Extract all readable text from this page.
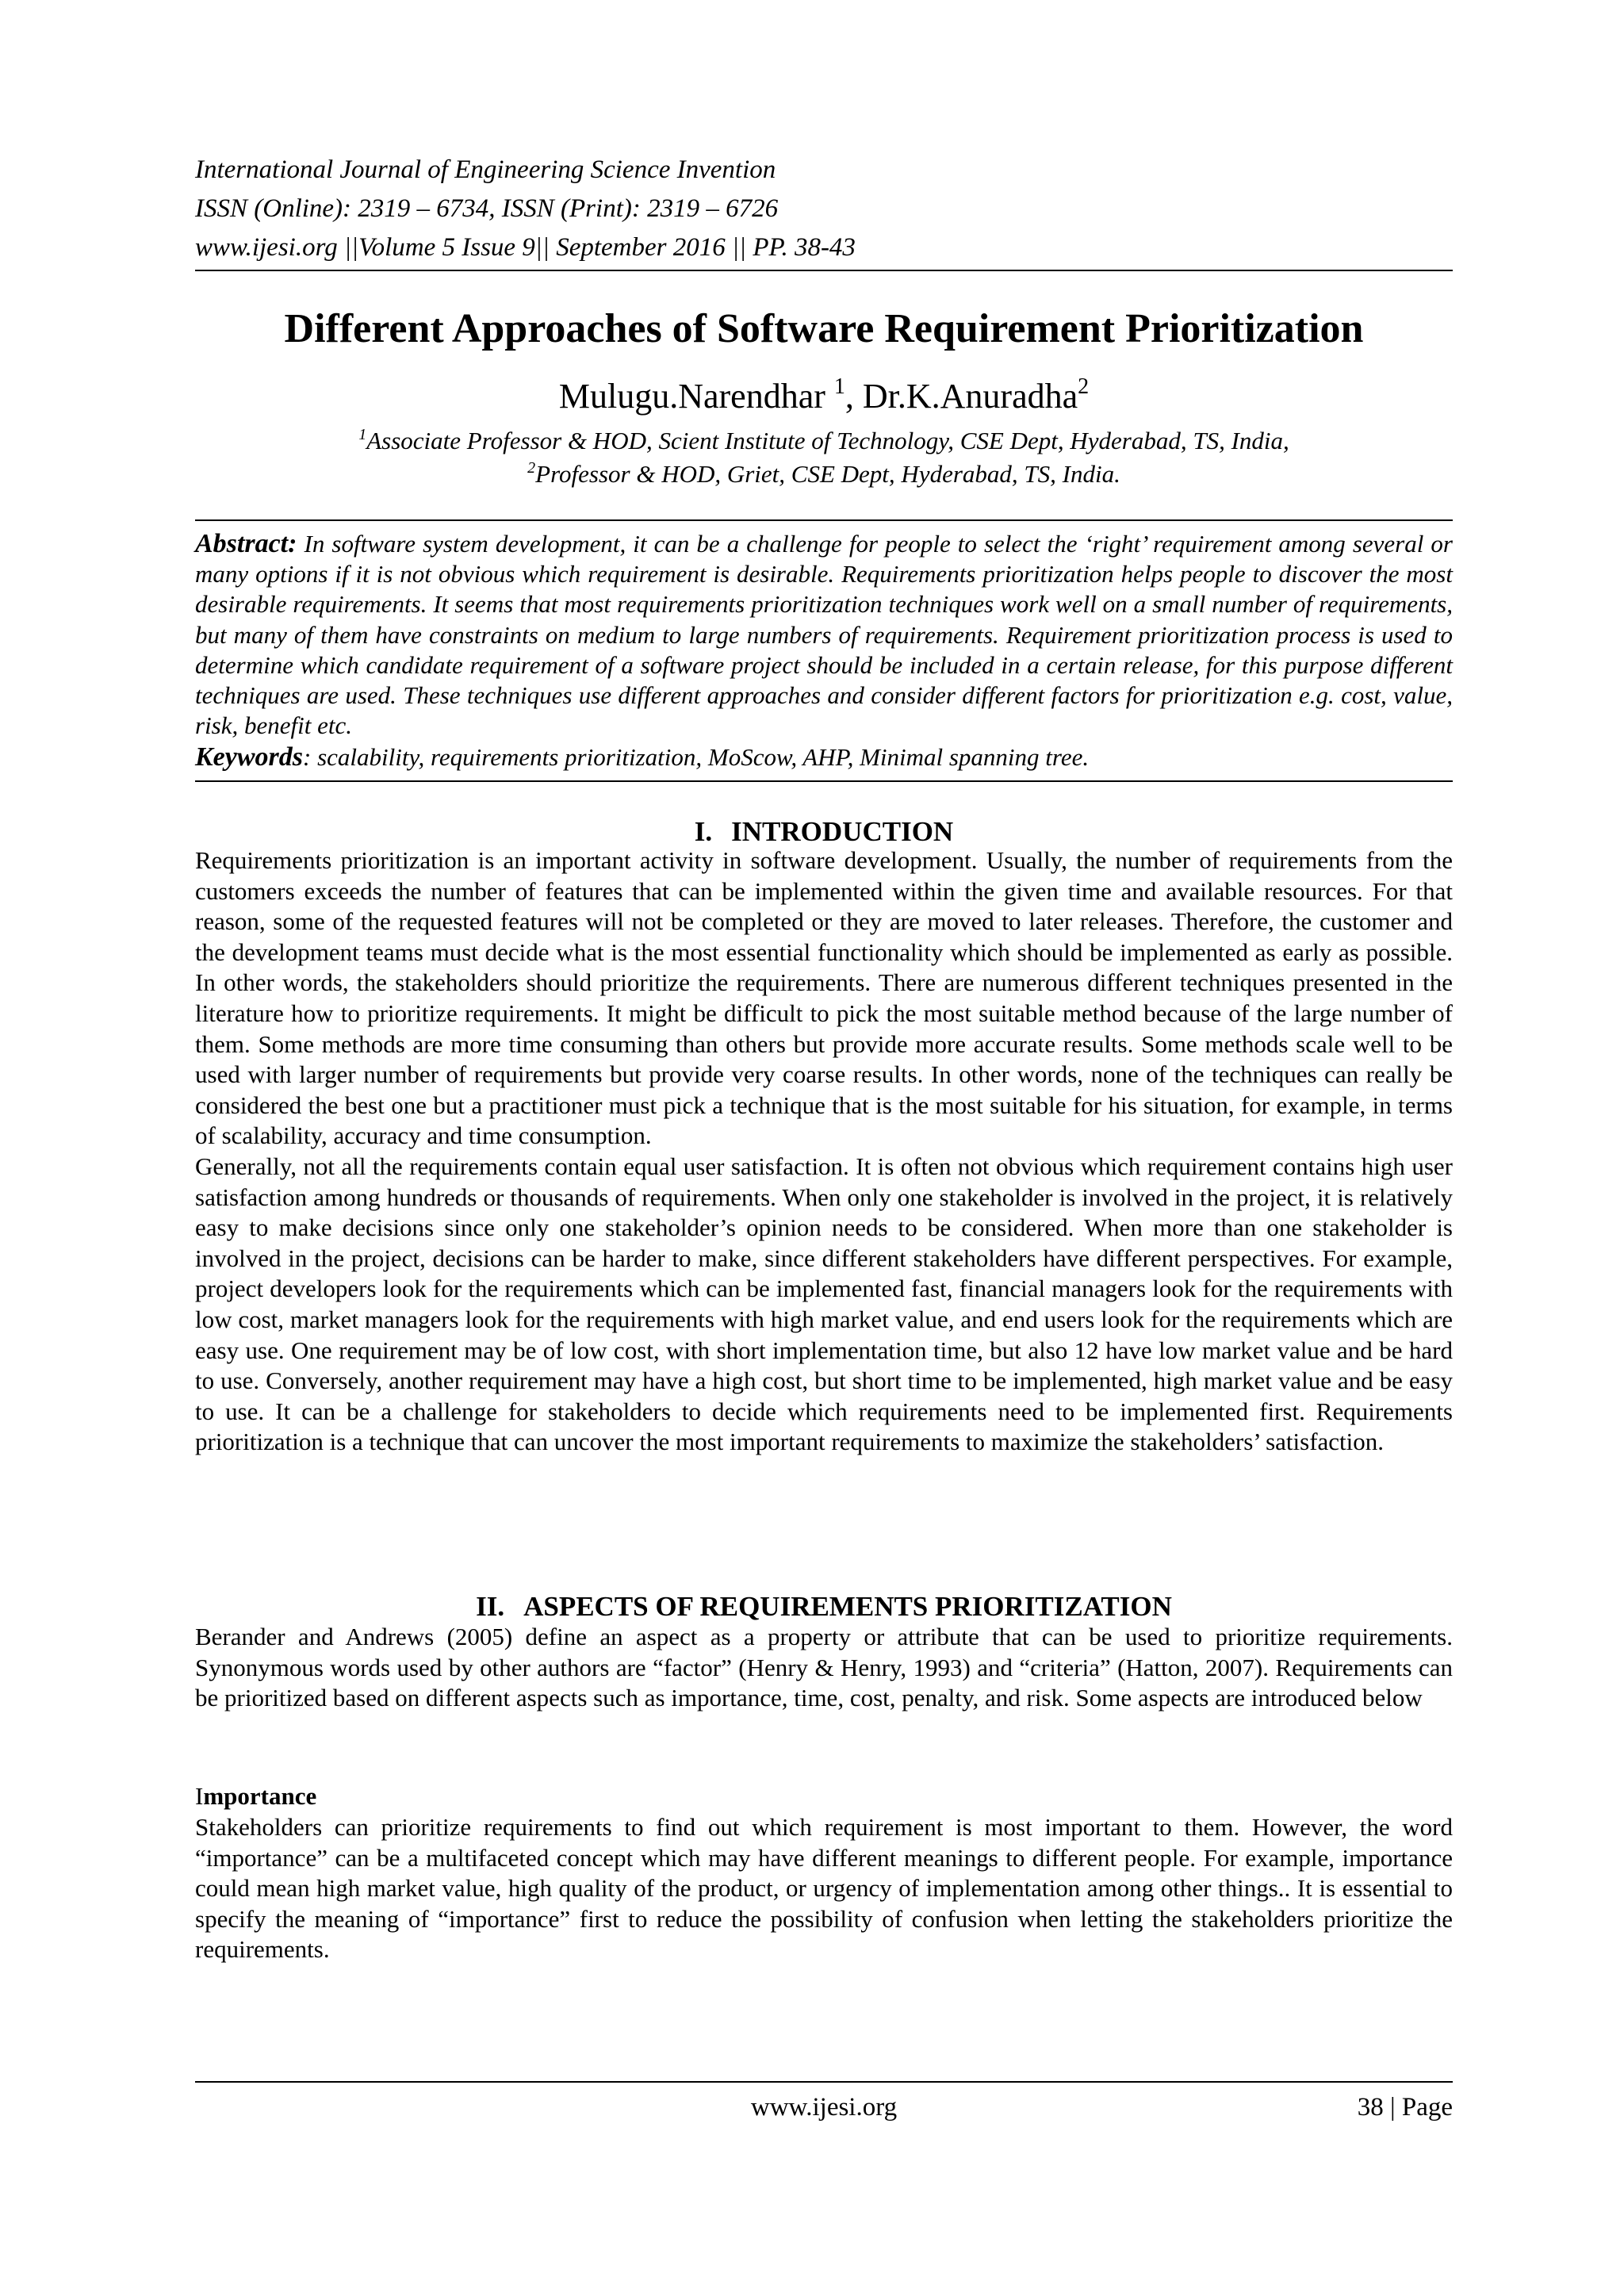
International Journal of Engineering Science Invention
ISSN (Online): 2319 – 6734, ISSN (Print): 2319 – 6726
www.ijesi.org ||Volume 5 Issue 9|| September 2016 || PP. 38-43
Different Approaches of Software Requirement Prioritization
Mulugu.Narendhar $^1$, Dr.K.Anuradha$^2$
$^1$Associate Professor & HOD, Scient Institute of Technology, CSE Dept, Hyderabad, TS, India,
$^2$Professor & HOD, Griet, CSE Dept, Hyderabad, TS, India.
Abstract: In software system development, it can be a challenge for people to select the ‘right’ requirement among several or many options if it is not obvious which requirement is desirable. Requirements prioritization helps people to discover the most desirable requirements. It seems that most requirements prioritization techniques work well on a small number of requirements, but many of them have constraints on medium to large numbers of requirements. Requirement prioritization process is used to determine which candidate requirement of a software project should be included in a certain release, for this purpose different techniques are used. These techniques use different approaches and consider different factors for prioritization e.g. cost, value, risk, benefit etc.
Keywords: scalability, requirements prioritization, MoScow, AHP, Minimal spanning tree.
I. INTRODUCTION

Requirements prioritization is an important activity in software development. Usually, the number of requirements from the customers exceeds the number of features that can be implemented within the given time and available resources. For that reason, some of the requested features will not be completed or they are moved to later releases. Therefore, the customer and the development teams must decide what is the most essential functionality which should be implemented as early as possible. In other words, the stakeholders should prioritize the requirements. There are numerous different techniques presented in the literature how to prioritize requirements. It might be difficult to pick the most suitable method because of the large number of them. Some methods are more time consuming than others but provide more accurate results. Some methods scale well to be used with larger number of requirements but provide very coarse results. In other words, none of the techniques can really be considered the best one but a practitioner must pick a technique that is the most suitable for his situation, for example, in terms of scalability, accuracy and time consumption.

Generally, not all the requirements contain equal user satisfaction. It is often not obvious which requirement contains high user satisfaction among hundreds or thousands of requirements. When only one stakeholder is involved in the project, it is relatively easy to make decisions since only one stakeholder’s opinion needs to be considered. When more than one stakeholder is involved in the project, decisions can be harder to make, since different stakeholders have different perspectives. For example, project developers look for the requirements which can be implemented fast, financial managers look for the requirements with low cost, market managers look for the requirements with high market value, and end users look for the requirements which are easy use. One requirement may be of low cost, with short implementation time, but also 12 have low market value and be hard to use. Conversely, another requirement may have a high cost, but short time to be implemented, high market value and be easy to use. It can be a challenge for stakeholders to decide which requirements need to be implemented first. Requirements prioritization is a technique that can uncover the most important requirements to maximize the stakeholders’ satisfaction.

II. ASPECTS OF REQUIREMENTS PRIORITIZATION

Berander and Andrews (2005) define an aspect as a property or attribute that can be used to prioritize requirements. Synonymous words used by other authors are “factor” (Henry & Henry, 1993) and “criteria” (Hatton, 2007). Requirements can be prioritized based on different aspects such as importance, time, cost, penalty, and risk. Some aspects are introduced below

Importance

Stakeholders can prioritize requirements to find out which requirement is most important to them. However, the word “importance” can be a multifaceted concept which may have different meanings to different people. For example, importance could mean high market value, high quality of the product, or urgency of implementation among other things.. It is essential to specify the meaning of “importance” first to reduce the possibility of confusion when letting the stakeholders prioritize the requirements.

www.ijesi.org	38 | Page
